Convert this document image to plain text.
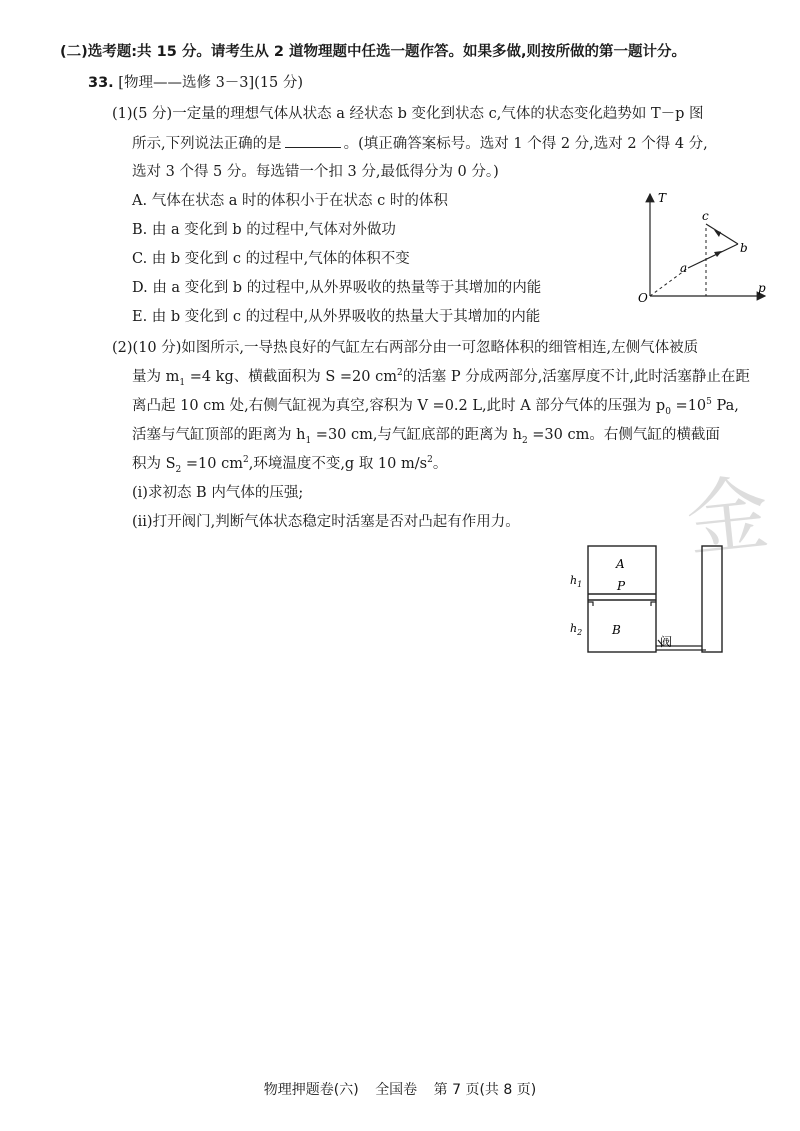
(二)选考题:共 15 分。请考生从 2 道物理题中任选一题作答。如果多做,则按所做的第一题计分。
33. [物理——选修 3－3](15 分)
(1)(5 分)一定量的理想气体从状态 a 经状态 b 变化到状态 c,气体的状态变化趋势如 T－p 图
所示,下列说法正确的是	。(填正确答案标号。选对 1 个得 2 分,选对 2 个得 4 分,
选对 3 个得 5 分。每选错一个扣 3 分,最低得分为 0 分。)
A. 气体在状态 a 时的体积小于在状态 c 时的体积
B. 由 a 变化到 b 的过程中,气体对外做功
C. 由 b 变化到 c 的过程中,气体的体积不变
D. 由 a 变化到 b 的过程中,从外界吸收的热量等于其增加的内能
E. 由 b 变化到 c 的过程中,从外界吸收的热量大于其增加的内能
T
p
O
a
b
c
(2)(10 分)如图所示,一导热良好的气缸左右两部分由一可忽略体积的细管相连,左侧气体被质
量为 $m_1 =4$ kg、横截面积为 S =20 $cm^2$的活塞 P 分成两部分,活塞厚度不计,此时活塞静止在距
离凸起 10 cm 处,右侧气缸视为真空,容积为 V =0.2 L,此时 A 部分气体的压强为 $p_0 =10^5$ Pa,
活塞与气缸顶部的距离为 $h_1 =30$ cm,与气缸底部的距离为 $h_2 =30$ cm。右侧气缸的横截面
积为 $S_2 =10$ $cm^2$,环境温度不变,g 取 10 $m/s^2$。
(i)求初态 B 内气体的压强;
(ii)打开阀门,判断气体状态稳定时活塞是否对凸起有作用力。 金
A
P
B
$h_1$
$h_2$
阀
物理押题卷(六) 全国卷 第 7 页(共 8 页)
